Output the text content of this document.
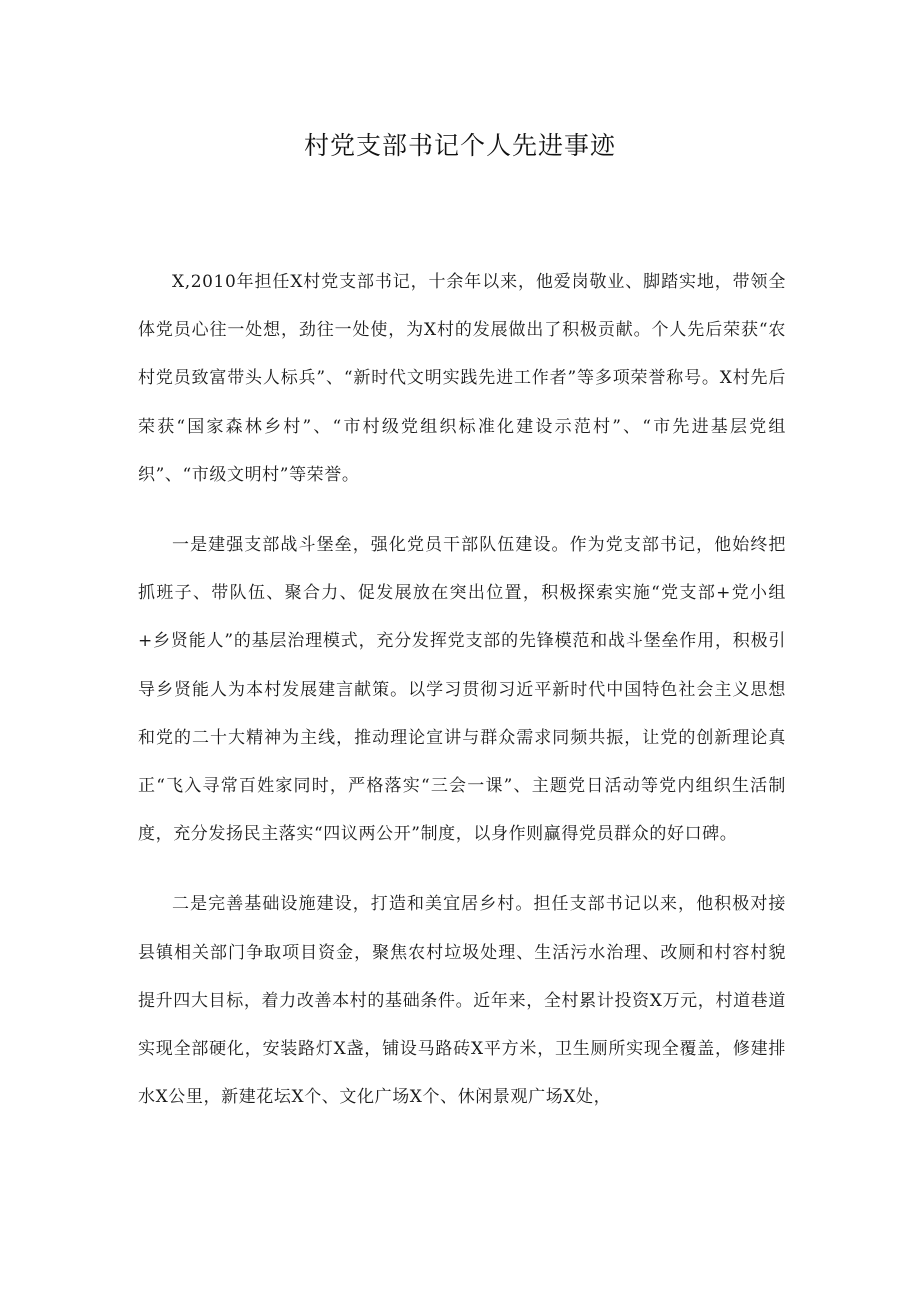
村党支部书记个人先进事迹

X,2010年担任X村党支部书记，十余年以来，他爱岗敬业、脚踏实地，带领全体党员心往一处想，劲往一处使，为X村的发展做出了积极贡献。个人先后荣获“农村党员致富带头人标兵”、“新时代文明实践先进工作者”等多项荣誉称号。X村先后荣获“国家森林乡村”、“市村级党组织标准化建设示范村”、“市先进基层党组织”、“市级文明村”等荣誉。

一是建强支部战斗堡垒，强化党员干部队伍建设。作为党支部书记，他始终把抓班子、带队伍、聚合力、促发展放在突出位置，积极探索实施“党支部+党小组+乡贤能人”的基层治理模式，充分发挥党支部的先锋模范和战斗堡垒作用，积极引导乡贤能人为本村发展建言献策。以学习贯彻习近平新时代中国特色社会主义思想和党的二十大精神为主线，推动理论宣讲与群众需求同频共振，让党的创新理论真正“飞入寻常百姓家同时，严格落实“三会一课”、主题党日活动等党内组织生活制度，充分发扬民主落实“四议两公开”制度，以身作则赢得党员群众的好口碑。

二是完善基础设施建设，打造和美宜居乡村。担任支部书记以来，他积极对接县镇相关部门争取项目资金，聚焦农村垃圾处理、生活污水治理、改厕和村容村貌提升四大目标，着力改善本村的基础条件。近年来，全村累计投资X万元，村道巷道实现全部硬化，安装路灯X盏，铺设马路砖X平方米，卫生厕所实现全覆盖，修建排水X公里，新建花坛X个、文化广场X个、休闲景观广场X处，
